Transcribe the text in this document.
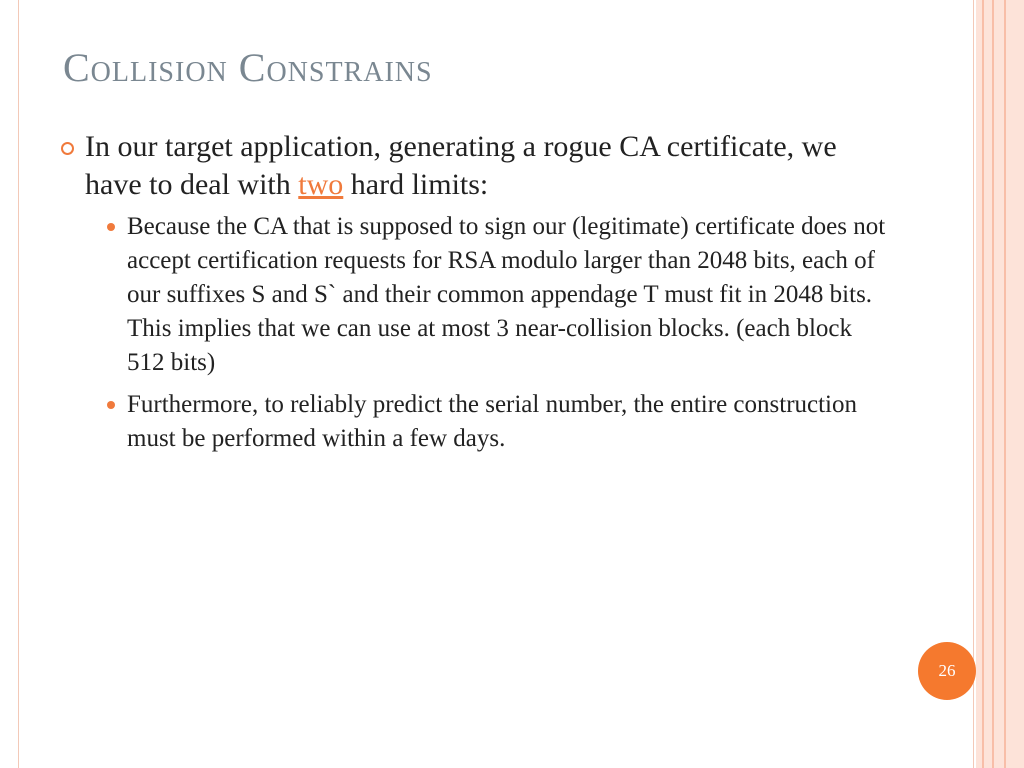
Collision Constrains
In our target application, generating a rogue CA certificate, we have to deal with two hard limits:
Because the CA that is supposed to sign our (legitimate) certificate does not accept certification requests for RSA modulo larger than 2048 bits, each of our suffixes S and S` and their common appendage T must fit in 2048 bits. This implies that we can use at most 3 near-collision blocks. (each block 512 bits)
Furthermore, to reliably predict the serial number, the entire construction must be performed within a few days.
26
